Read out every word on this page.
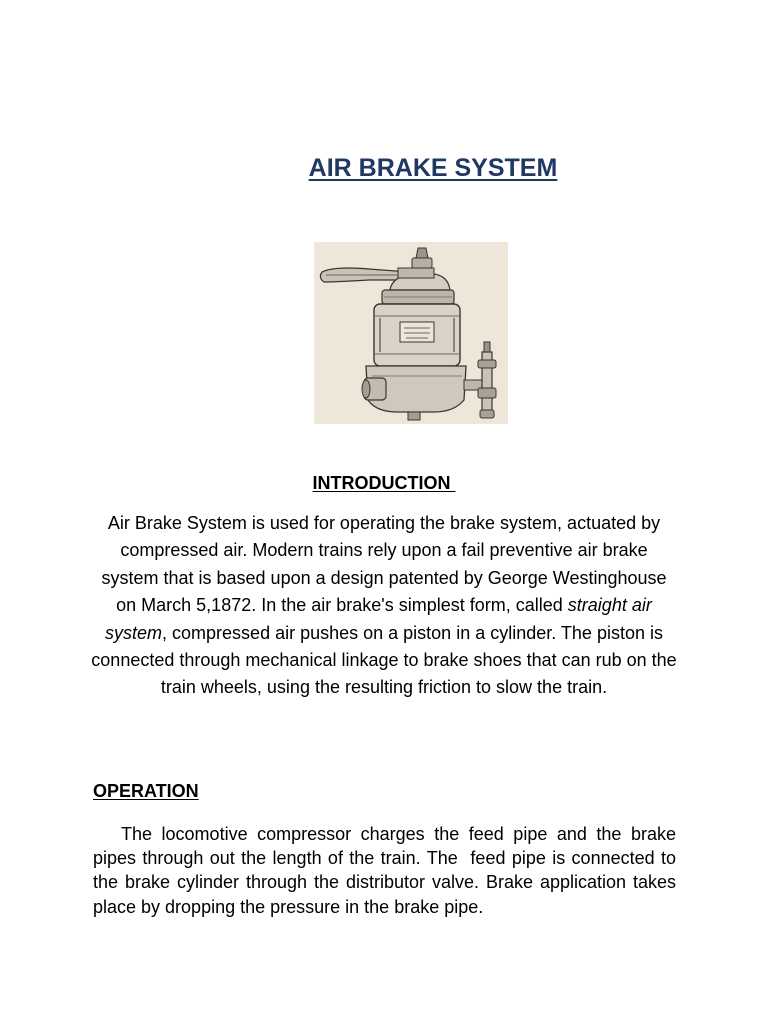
AIR BRAKE SYSTEM
INTRODUCTION
Air Brake System is used for operating the brake system, actuated by compressed air. Modern trains rely upon a fail preventive air brake system that is based upon a design patented by George Westinghouse on March 5,1872. In the air brake's simplest form, called straight air system, compressed air pushes on a piston in a cylinder. The piston is connected through mechanical linkage to brake shoes that can rub on the train wheels, using the resulting friction to slow the train.
OPERATION
The locomotive compressor charges the feed pipe and the brake pipes through out the length of the train. The  feed pipe is connected to the brake cylinder through the distributor valve. Brake application takes place by dropping the pressure in the brake pipe.
